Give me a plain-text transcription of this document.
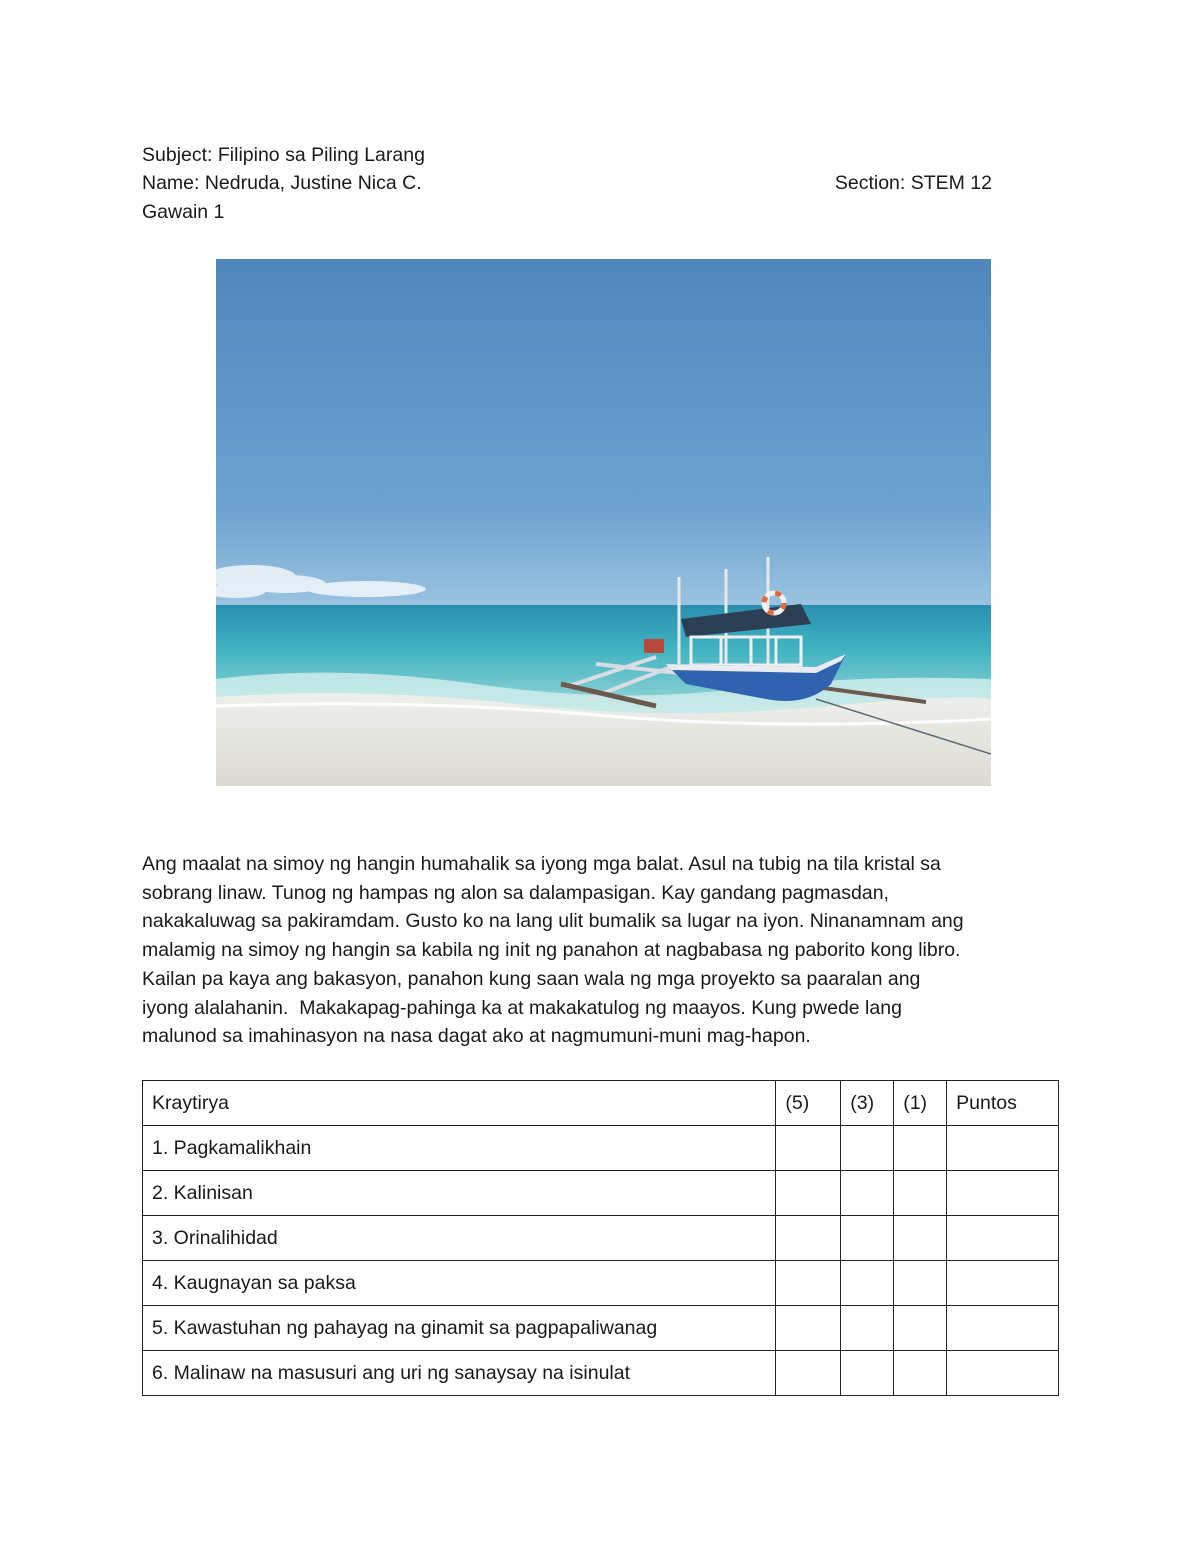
Subject: Filipino sa Piling Larang
Name: Nedruda, Justine Nica C.	Section: STEM 12
Gawain 1
Ang maalat na simoy ng hangin humahalik sa iyong mga balat. Asul na tubig na tila kristal sa
sobrang linaw. Tunog ng hampas ng alon sa dalampasigan. Kay gandang pagmasdan,
nakakaluwag sa pakiramdam. Gusto ko na lang ulit bumalik sa lugar na iyon. Ninanamnam ang
malamig na simoy ng hangin sa kabila ng init ng panahon at nagbabasa ng paborito kong libro.
Kailan pa kaya ang bakasyon, panahon kung saan wala ng mga proyekto sa paaralan ang
iyong alalahanin.  Makakapag-pahinga ka at makakatulog ng maayos. Kung pwede lang
malunod sa imahinasyon na nasa dagat ako at nagmumuni-muni mag-hapon.
Kraytirya	(5)	(3)	(1)	Puntos
1. Pagkamalikhain				
2. Kalinisan				
3. Orinalihidad				
4. Kaugnayan sa paksa				
5. Kawastuhan ng pahayag na ginamit sa pagpapaliwanag				
6. Malinaw na masusuri ang uri ng sanaysay na isinulat				
